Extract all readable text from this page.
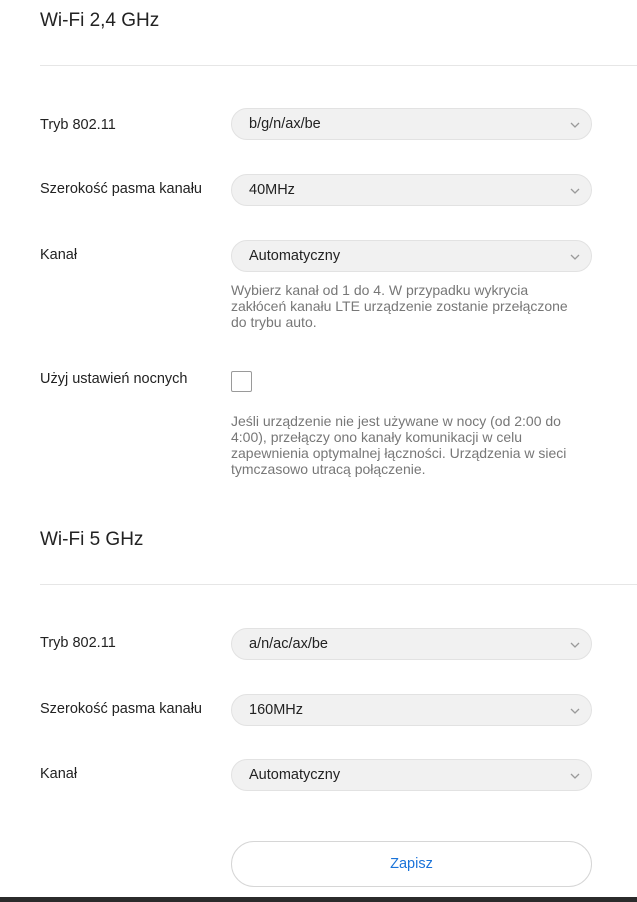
Wi-Fi 2,4 GHz
Tryb 802.11	b/g/n/ax/be
Szerokość pasma kanału	40MHz
Kanał	Automatyczny
Wybierz kanał od 1 do 4. W przypadku wykrycia
zakłóceń kanału LTE urządzenie zostanie przełączone
do trybu auto.
Użyj ustawień nocnych
Jeśli urządzenie nie jest używane w nocy (od 2:00 do
4:00), przełączy ono kanały komunikacji w celu
zapewnienia optymalnej łączności. Urządzenia w sieci
tymczasowo utracą połączenie.
Wi-Fi 5 GHz
Tryb 802.11	a/n/ac/ax/be
Szerokość pasma kanału	160MHz
Kanał	Automatyczny
Zapisz
